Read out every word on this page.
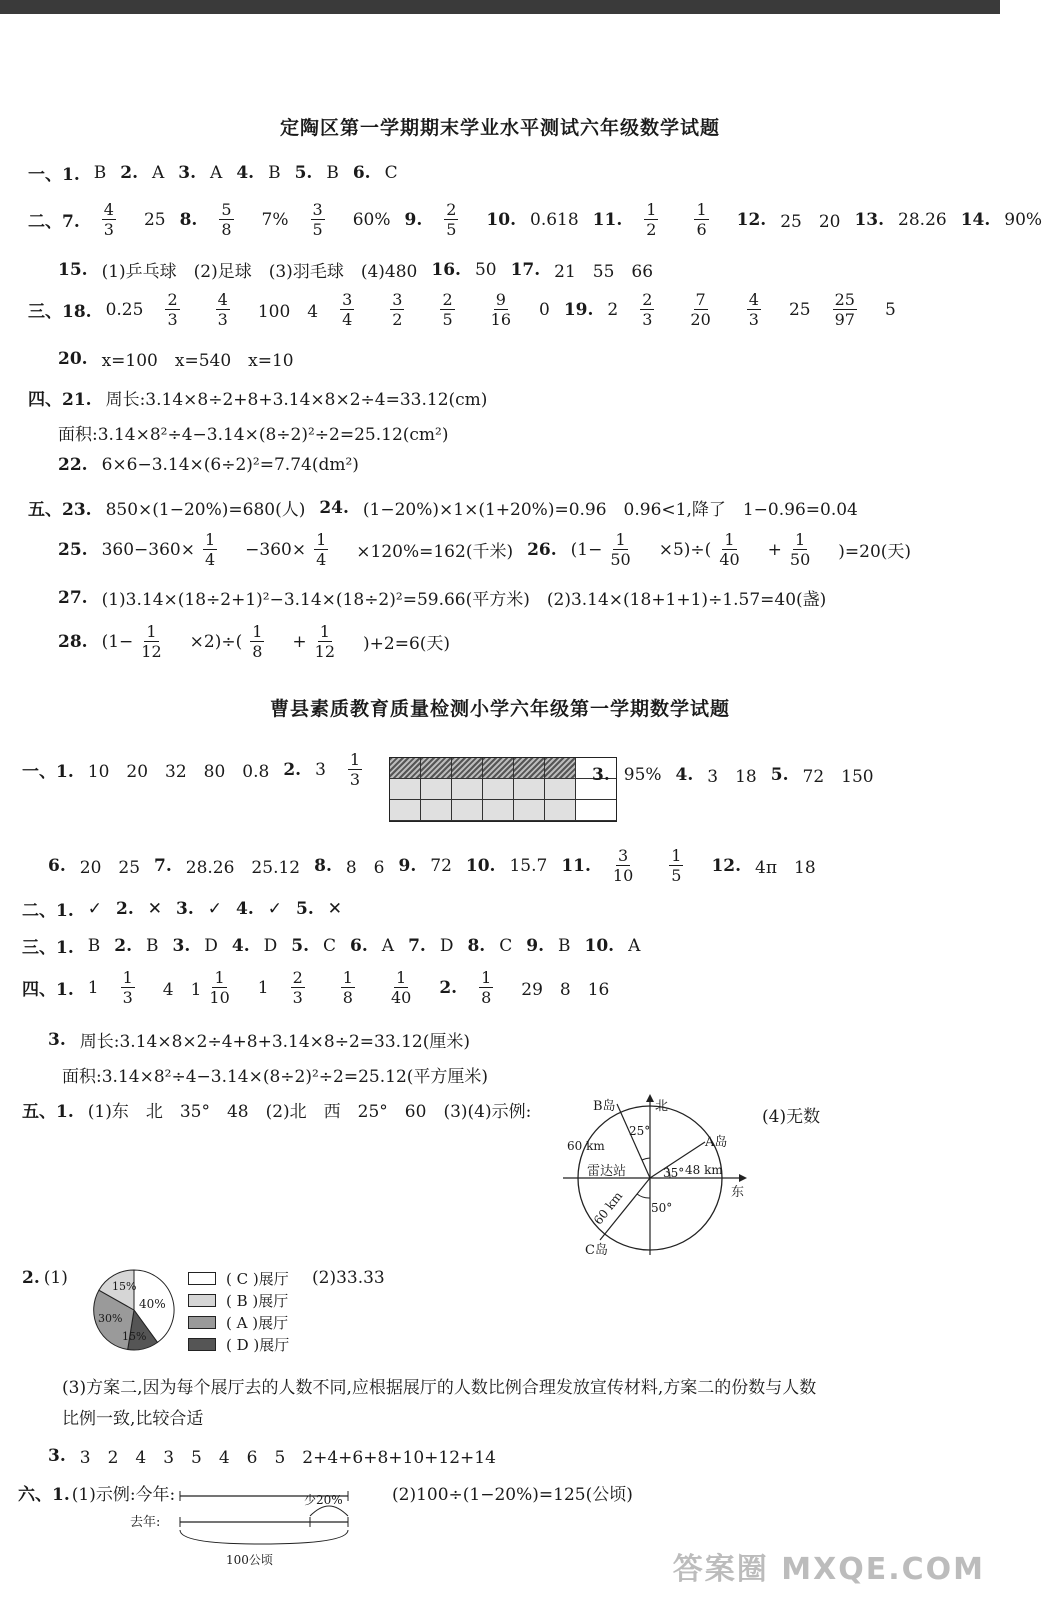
定陶区第一学期期末学业水平测试六年级数学试题
一、1. B 2. A 3. A 4. B 5. B 6. C
二、7. $\frac{4}{3} 25$ 8. $\frac{5}{8} 7\% \frac{3}{5} 60\%$ 9. $\frac{2}{5} 10$. 0.618 11. $\frac{1}{2} \frac{1}{6} 12$. 25　20 13. 28.26 14. 90%
15. (1)乒乓球　(2)足球　(3)羽毛球　(4)480 16. 50 17. 21　55　66
三、18. $0.25 \frac{2}{3} \frac{4}{3} 100$　$4 \frac{3}{4} \frac{3}{2} \frac{2}{5} \frac{9}{16} 0$ 19. $2 \frac{2}{3} \frac{7}{20} \frac{4}{3} 25 \frac{25}{97} 5$
20. x=100　x=540　x=10
四、21. 周长:3.14×8÷2+8+3.14×8×2÷4=33.12(cm)
面积:3.14×8²÷4−3.14×(8÷2)²÷2=25.12(cm²)
22. 6×6−3.14×(6÷2)²=7.74(dm²)
五、23. 850×(1−20%)=680(人) 24. (1−20%)×1×(1+20%)=0.96　0.96<1,降了　1−0.96=0.04
25. $360-360\times \frac{1}{4} -360\times \frac{1}{4} \times 120\%=162$(千米) 26. $(1- \frac{1}{50} \times 5)\div( \frac{1}{40} + \frac{1}{50} )=20$(天)
27. (1)3.14×(18÷2+1)²−3.14×(18÷2)²=59.66(平方米)　(2)3.14×(18+1+1)÷1.57=40(盏)
28. $(1- \frac{1}{12} \times 2)\div( \frac{1}{8} + \frac{1}{12} )+2=6$(天)
曹县素质教育质量检测小学六年级第一学期数学试题
一、1. 10　20　32　80　0.8 2. $3 \frac{1}{3}$	3. 95% 4. 3　18 5. 72　150
6. 20　25 7. 28.26　25.12 8. 8　6 9. 72 10. 15.7 11. $\frac{3}{10} \frac{1}{5} 12$. 4π　18
二、1. ✓ 2. ✕ 3. ✓ 4. ✓ 5. ✕
三、1. B 2. B 3. D 4. D 5. C 6. A 7. D 8. C 9. B 10. A
四、1. $1 \frac{1}{3} 4$　$1 \frac{1}{10} 1 \frac{2}{3} \frac{1}{8} \frac{1}{40} 2$. $\frac{1}{8} 29$　8　16
3. 周长:3.14×8×2÷4+8+3.14×8÷2=33.12(厘米)
面积:3.14×8²÷4−3.14×(8÷2)²÷2=25.12(平方厘米)
五、1. (1)东　北　35°　48　(2)北　西　25°　60　(3)(4)示例:	(4)无数
B岛	北
A岛
东
C岛
雷达站
60 km
48 km
60 km
25°
35°
50°
2. (1)	15%
40%
30%
15%
( C )展厅
( B )展厅
( A )展厅
( D )展厅
(2)33.33
(3)方案二,因为每个展厅去的人数不同,应根据展厅的人数比例合理发放宣传材料,方案二的份数与人数
比例一致,比较合适
3. 3　2　4　3　5　4　6　5　2+4+6+8+10+12+14
六、1. (1)示例:今年:	(2)100÷(1−20%)=125(公顷)
去年:
少20%
100公顷	答案圈 MXQE.COM
